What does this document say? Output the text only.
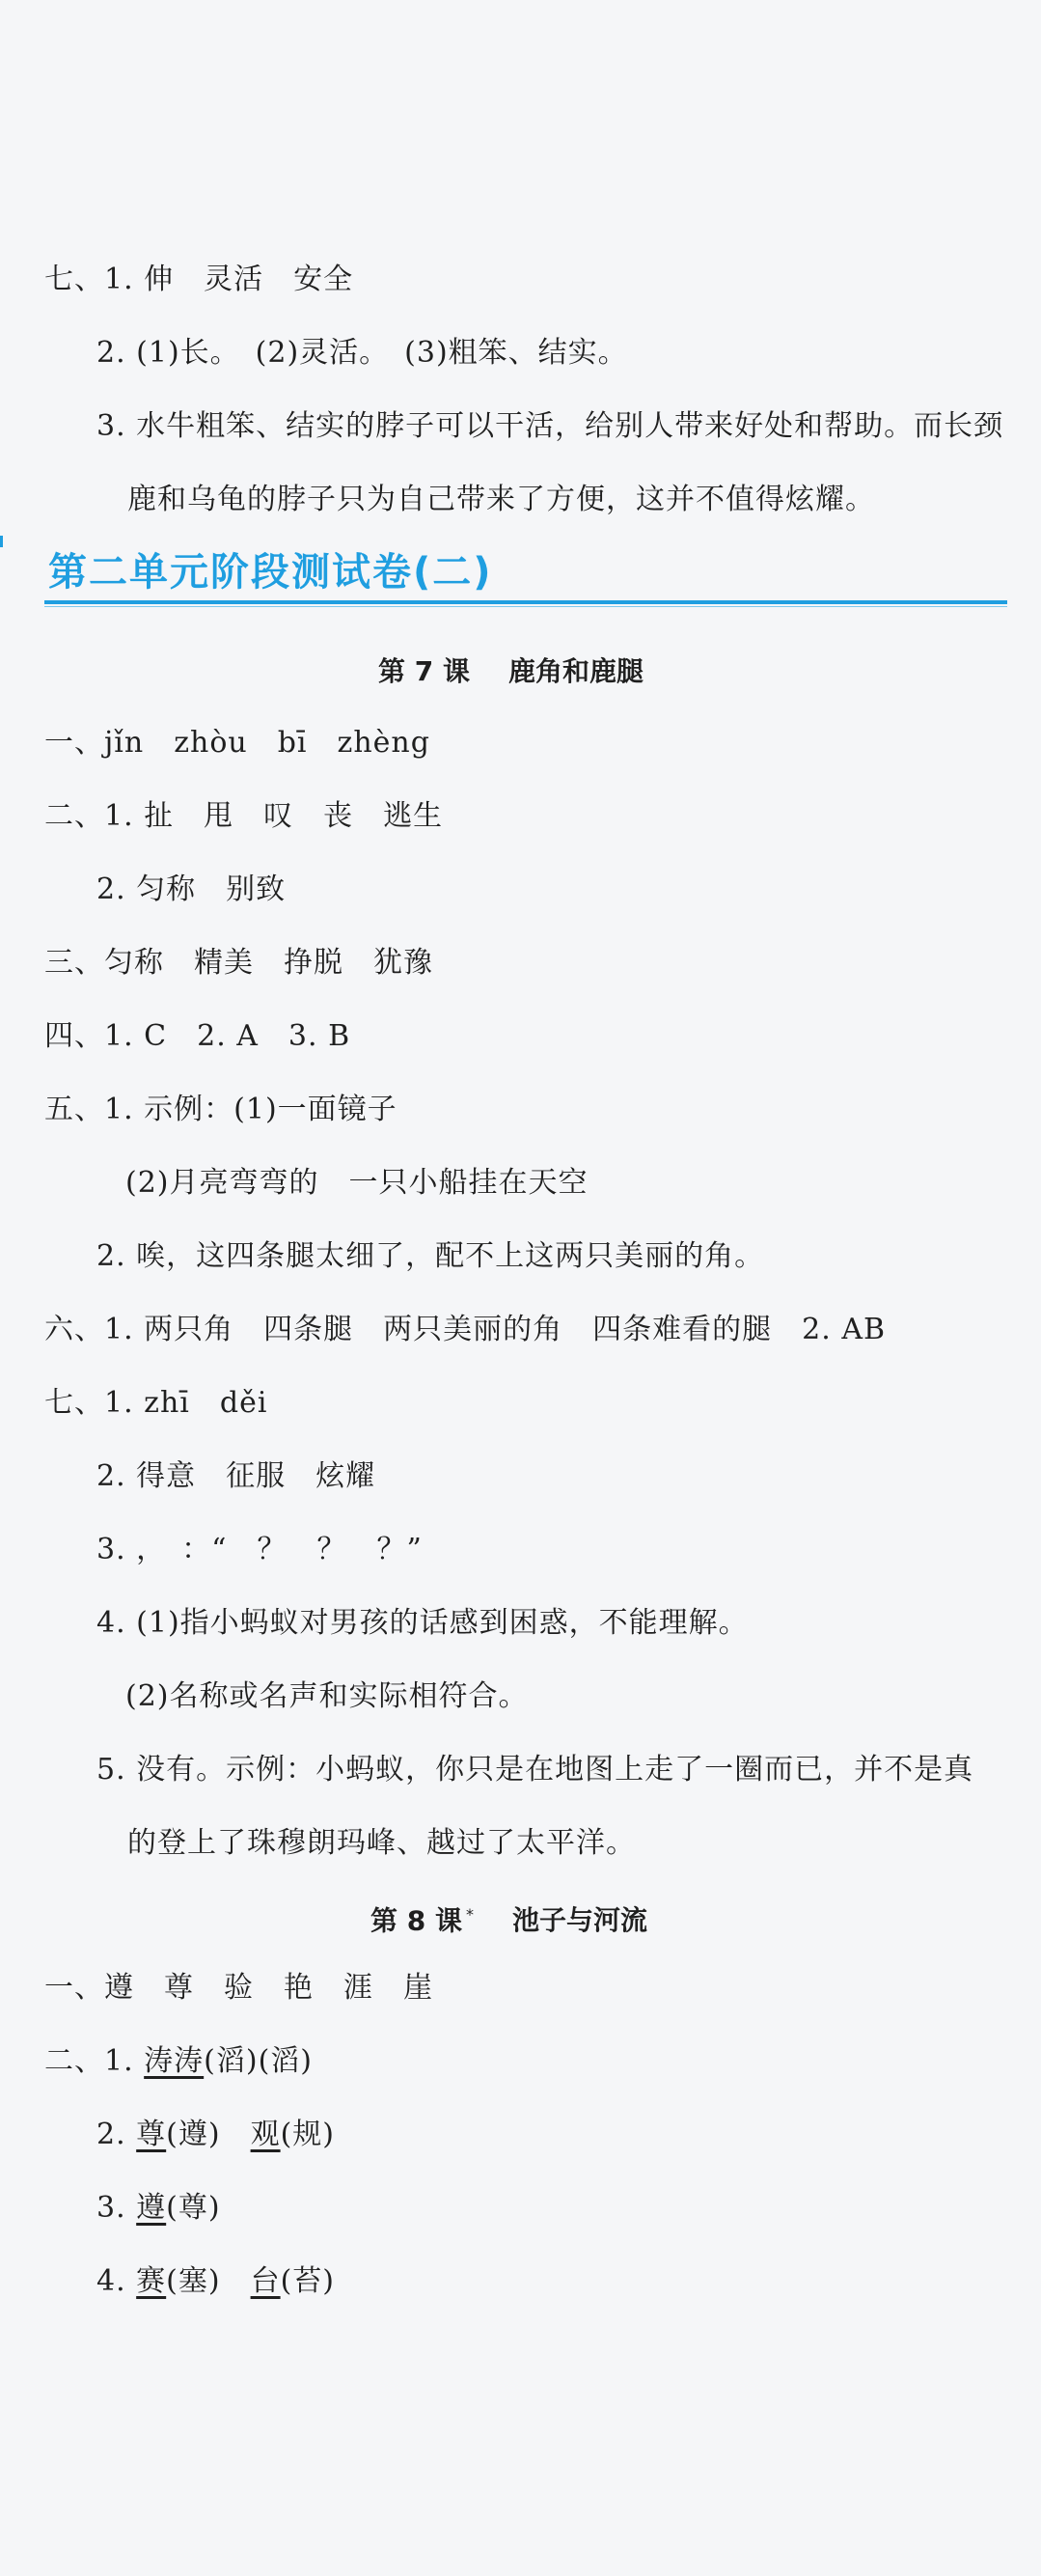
七、1. 伸　灵活　安全
2. (1)长。　(2)灵活。　(3)粗笨、结实。
3. 水牛粗笨、结实的脖子可以干活，给别人带来好处和帮助。而长颈
鹿和乌龟的脖子只为自己带来了方便，这并不值得炫耀。
第二单元阶段测试卷(二)
第 7 课 鹿角和鹿腿
一、jǐn　zhòu　bī　zhèng
二、1. 扯　甩　叹　丧　逃生
2. 匀称　别致
三、匀称　精美　挣脱　犹豫
四、1. C　2. A　3. B
五、1. 示例：(1)一面镜子
(2)月亮弯弯的　一只小船挂在天空
2. 唉，这四条腿太细了，配不上这两只美丽的角。
六、1. 两只角　四条腿　两只美丽的角　四条难看的腿　2. AB
七、1. zhī　děi
2. 得意　征服　炫耀
3. ，　：“　？　？　？”
4. (1)指小蚂蚁对男孩的话感到困惑，不能理解。
(2)名称或名声和实际相符合。
5. 没有。示例：小蚂蚁，你只是在地图上走了一圈而已，并不是真
的登上了珠穆朗玛峰、越过了太平洋。
第 8 课 * 池子与河流
一、遵　尊　验　艳　涯　崖
二、1. 涛涛(滔)(滔)
2. 尊(遵)　观(规)
3. 遵(尊)
4. 赛(塞)　台(苔)
